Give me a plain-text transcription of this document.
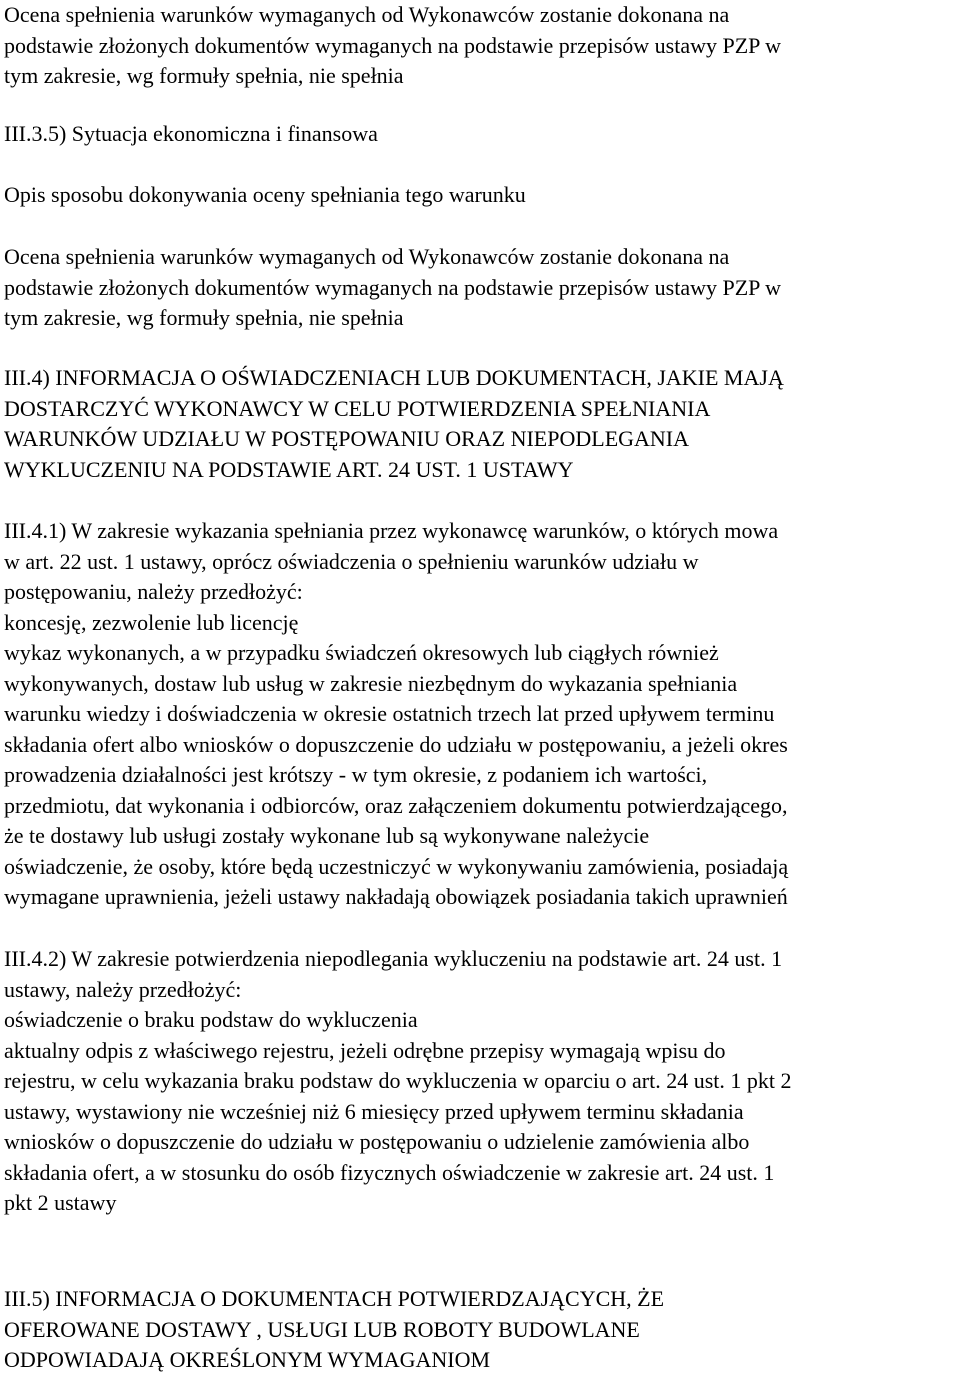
Ocena spełnienia warunków wymaganych od Wykonawców zostanie dokonana na
podstawie złożonych dokumentów wymaganych na podstawie przepisów ustawy PZP w
tym zakresie, wg formuły spełnia, nie spełnia

III.3.5) Sytuacja ekonomiczna i finansowa

Opis sposobu dokonywania oceny spełniania tego warunku

Ocena spełnienia warunków wymaganych od Wykonawców zostanie dokonana na
podstawie złożonych dokumentów wymaganych na podstawie przepisów ustawy PZP w
tym zakresie, wg formuły spełnia, nie spełnia

III.4) INFORMACJA O OŚWIADCZENIACH LUB DOKUMENTACH, JAKIE MAJĄ
DOSTARCZYĆ WYKONAWCY W CELU POTWIERDZENIA SPEŁNIANIA
WARUNKÓW UDZIAŁU W POSTĘPOWANIU ORAZ NIEPODLEGANIA
WYKLUCZENIU NA PODSTAWIE ART. 24 UST. 1 USTAWY

III.4.1) W zakresie wykazania spełniania przez wykonawcę warunków, o których mowa
w art. 22 ust. 1 ustawy, oprócz oświadczenia o spełnieniu warunków udziału w
postępowaniu, należy przedłożyć:
koncesję, zezwolenie lub licencję
wykaz wykonanych, a w przypadku świadczeń okresowych lub ciągłych również
wykonywanych, dostaw lub usług w zakresie niezbędnym do wykazania spełniania
warunku wiedzy i doświadczenia w okresie ostatnich trzech lat przed upływem terminu
składania ofert albo wniosków o dopuszczenie do udziału w postępowaniu, a jeżeli okres
prowadzenia działalności jest krótszy - w tym okresie, z podaniem ich wartości,
przedmiotu, dat wykonania i odbiorców, oraz załączeniem dokumentu potwierdzającego,
że te dostawy lub usługi zostały wykonane lub są wykonywane należycie
oświadczenie, że osoby, które będą uczestniczyć w wykonywaniu zamówienia, posiadają
wymagane uprawnienia, jeżeli ustawy nakładają obowiązek posiadania takich uprawnień

III.4.2) W zakresie potwierdzenia niepodlegania wykluczeniu na podstawie art. 24 ust. 1
ustawy, należy przedłożyć:
oświadczenie o braku podstaw do wykluczenia
aktualny odpis z właściwego rejestru, jeżeli odrębne przepisy wymagają wpisu do
rejestru, w celu wykazania braku podstaw do wykluczenia w oparciu o art. 24 ust. 1 pkt 2
ustawy, wystawiony nie wcześniej niż 6 miesięcy przed upływem terminu składania
wniosków o dopuszczenie do udziału w postępowaniu o udzielenie zamówienia albo
składania ofert, a w stosunku do osób fizycznych oświadczenie w zakresie art. 24 ust. 1
pkt 2 ustawy

III.5) INFORMACJA O DOKUMENTACH POTWIERDZAJĄCYCH, ŻE
OFEROWANE DOSTAWY , USŁUGI LUB ROBOTY BUDOWLANE
ODPOWIADAJĄ OKREŚLONYM WYMAGANIOM
